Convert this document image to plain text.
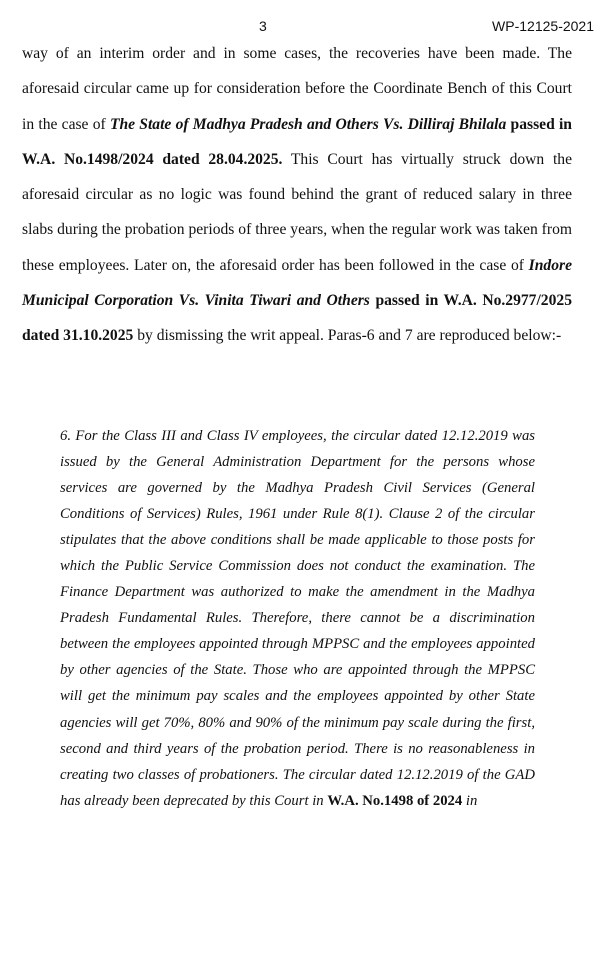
3	WP-12125-2021

way of an interim order and in some cases, the recoveries have been made. The aforesaid circular came up for consideration before the Coordinate Bench of this Court in the case of The State of Madhya Pradesh and Others Vs. Dilliraj Bhilala passed in W.A. No.1498/2024 dated 28.04.2025. This Court has virtually struck down the aforesaid circular as no logic was found behind the grant of reduced salary in three slabs during the probation periods of three years, when the regular work was taken from these employees. Later on, the aforesaid order has been followed in the case of Indore Municipal Corporation Vs. Vinita Tiwari and Others passed in W.A. No.2977/2025 dated 31.10.2025 by dismissing the writ appeal. Paras-6 and 7 are reproduced below:-

6. For the Class III and Class IV employees, the circular dated 12.12.2019 was issued by the General Administration Department for the persons whose services are governed by the Madhya Pradesh Civil Services (General Conditions of Services) Rules, 1961 under Rule 8(1). Clause 2 of the circular stipulates that the above conditions shall be made applicable to those posts for which the Public Service Commission does not conduct the examination. The Finance Department was authorized to make the amendment in the Madhya Pradesh Fundamental Rules. Therefore, there cannot be a discrimination between the employees appointed through MPPSC and the employees appointed by other agencies of the State. Those who are appointed through the MPPSC will get the minimum pay scales and the employees appointed by other State agencies will get 70%, 80% and 90% of the minimum pay scale during the first, second and third years of the probation period. There is no reasonableness in creating two classes of probationers. The circular dated 12.12.2019 of the GAD has already been deprecated by this Court in W.A. No.1498 of 2024 in
